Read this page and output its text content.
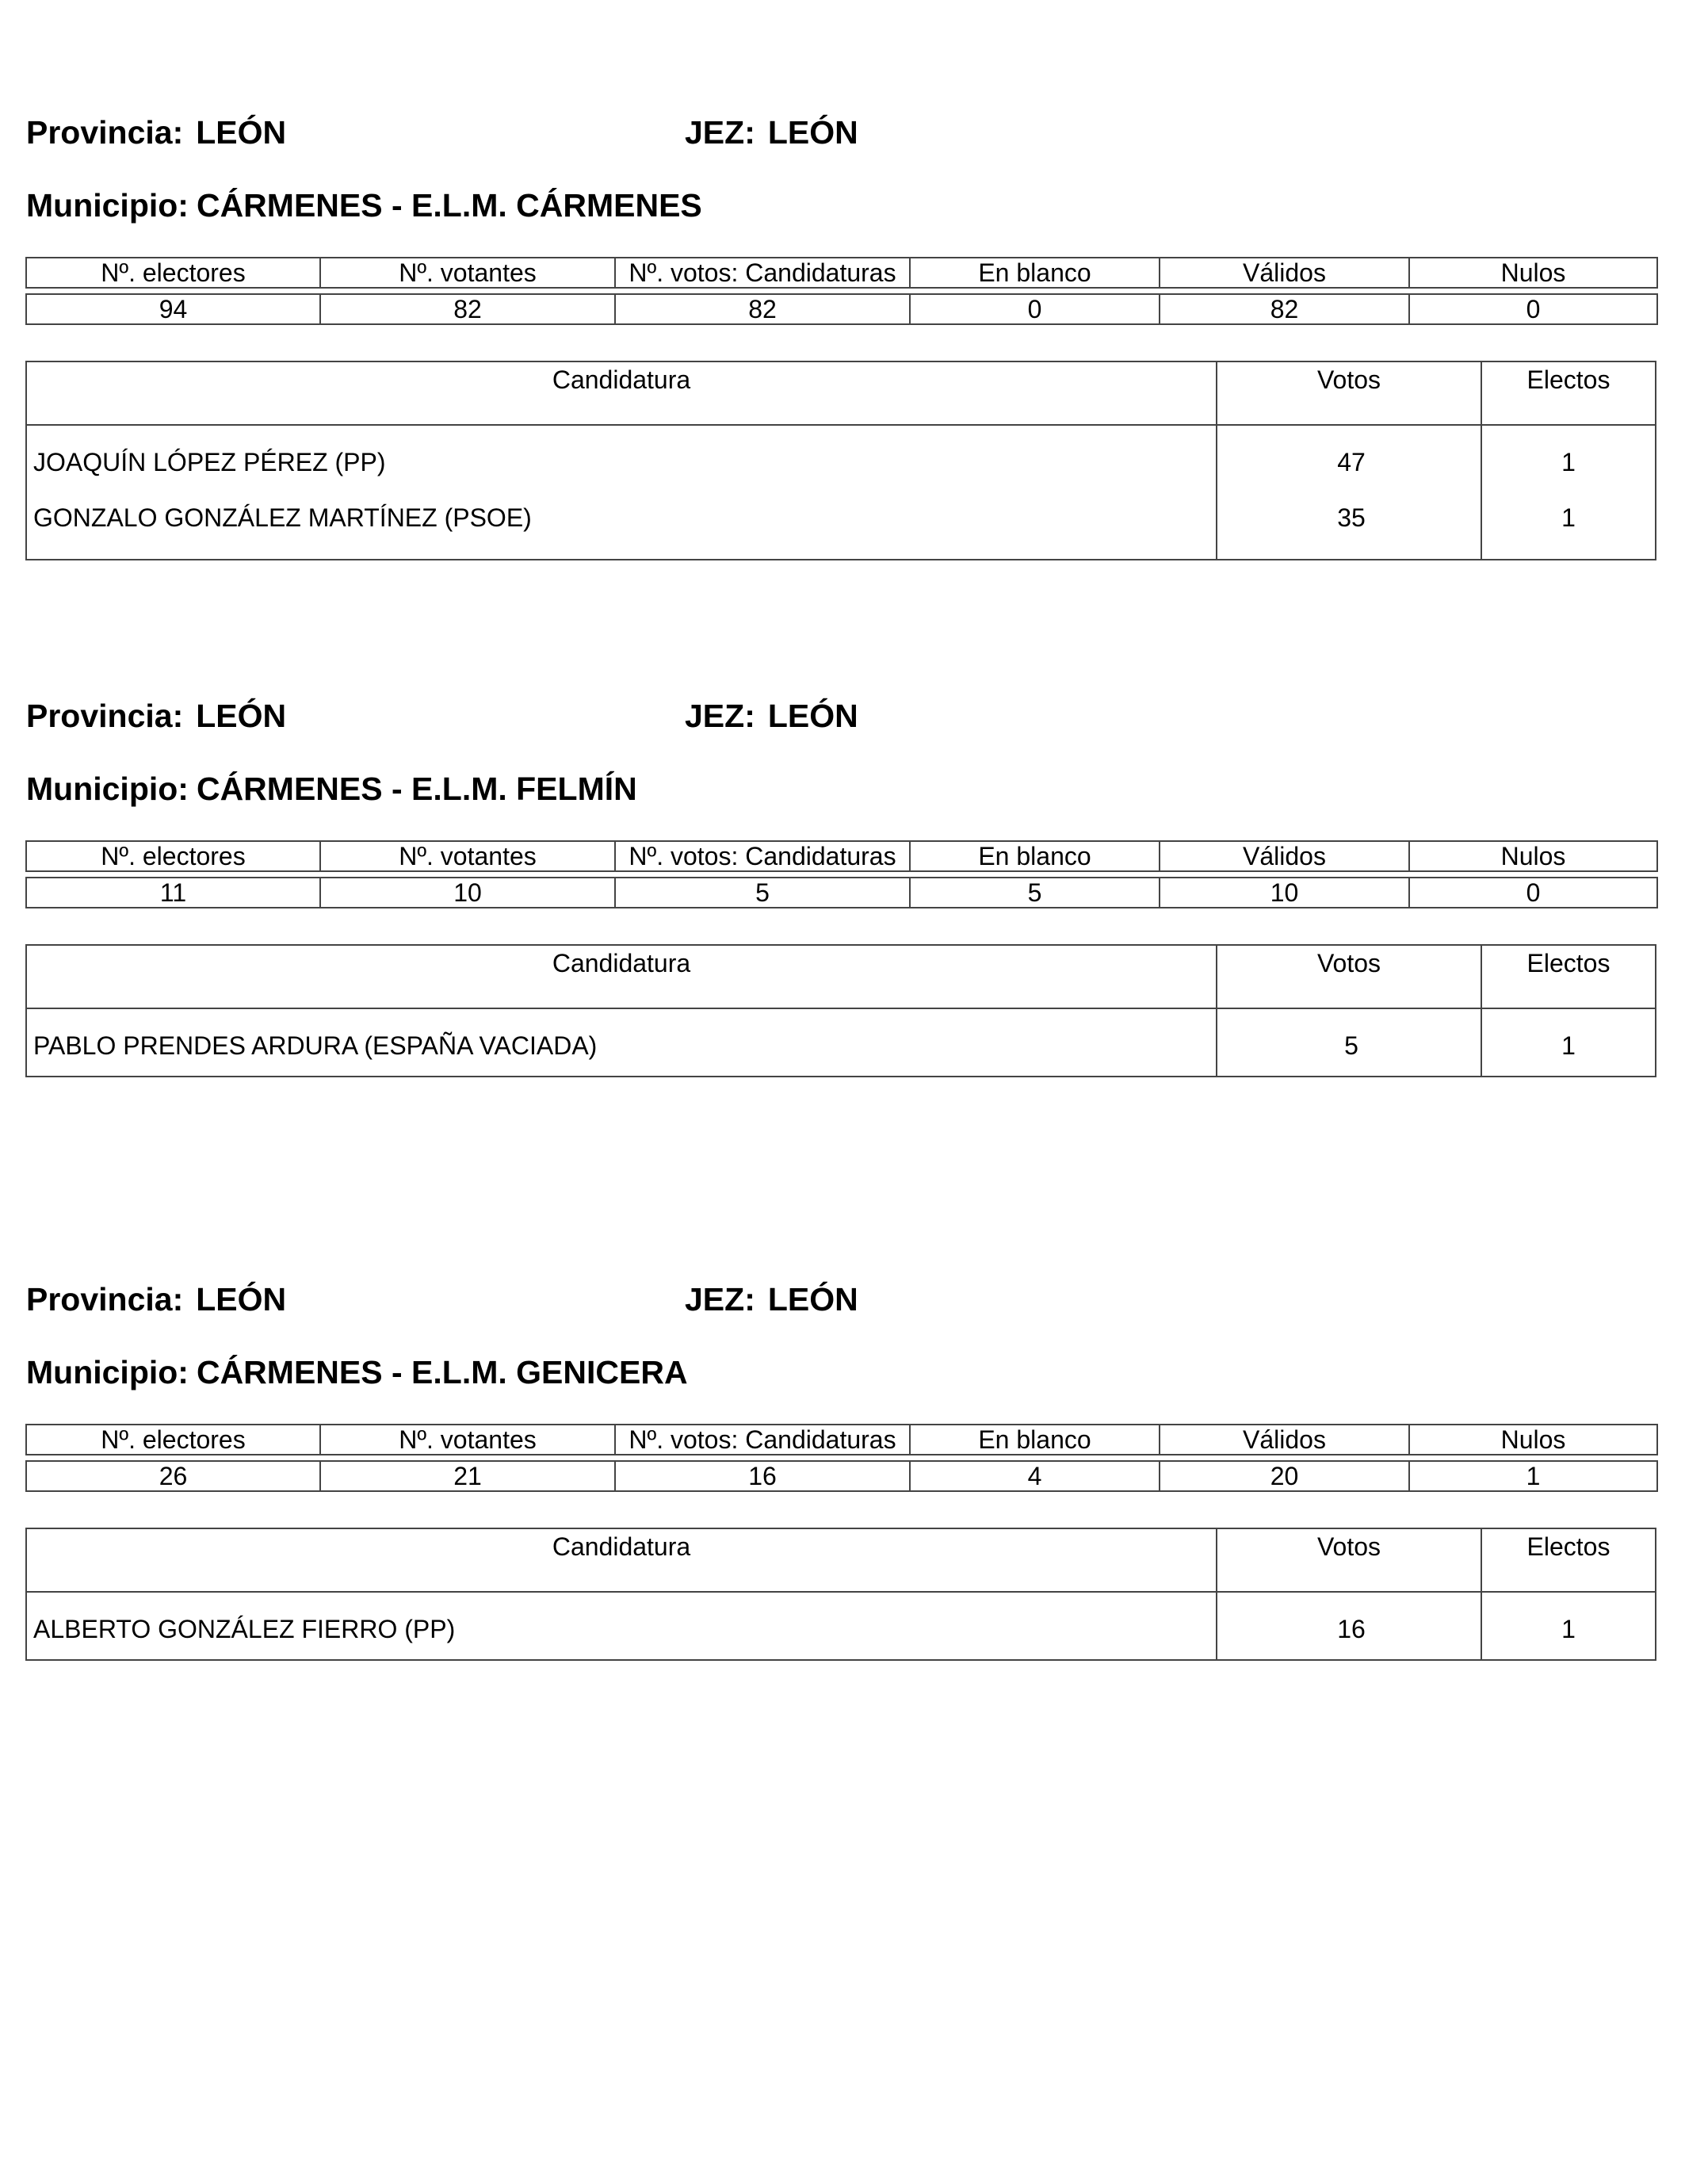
Provincia: LEÓN	JEZ: LEÓN
Municipio: CÁRMENES - E.L.M. CÁRMENES
Nº. electores	Nº. votantes	Nº. votos: Candidaturas	En blanco	Válidos	Nulos

94	82	82	0	82	0
Candidatura	Votos	Electos
JOAQUÍN LÓPEZ PÉREZ (PP)	47	1
GONZALO GONZÁLEZ MARTÍNEZ (PSOE)	35	1
Provincia: LEÓN	JEZ: LEÓN
Municipio: CÁRMENES - E.L.M. FELMÍN
Nº. electores	Nº. votantes	Nº. votos: Candidaturas	En blanco	Válidos	Nulos

11	10	5	5	10	0
Candidatura	Votos	Electos
PABLO PRENDES ARDURA (ESPAÑA VACIADA)	5	1
Provincia: LEÓN	JEZ: LEÓN
Municipio: CÁRMENES - E.L.M. GENICERA
Nº. electores	Nº. votantes	Nº. votos: Candidaturas	En blanco	Válidos	Nulos

26	21	16	4	20	1
Candidatura	Votos	Electos
ALBERTO GONZÁLEZ FIERRO (PP)	16	1
